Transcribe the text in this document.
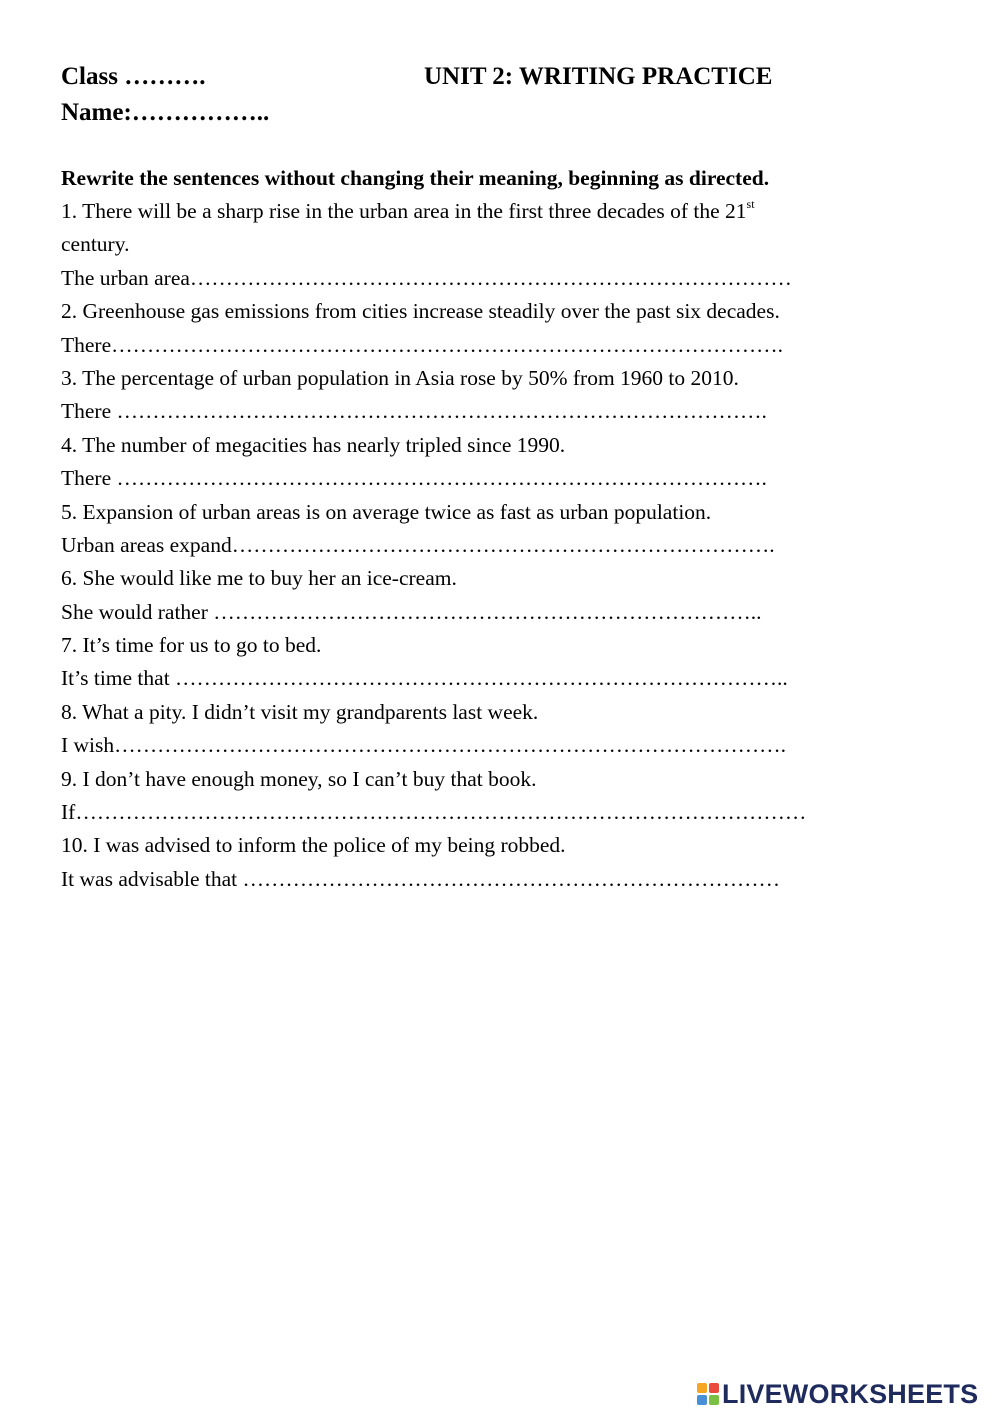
Class ……….	UNIT 2: WRITING PRACTICE
Name:……………..
Rewrite the sentences without changing their meaning, beginning as directed.
1. There will be a sharp rise in the urban area in the first three decades of the 21st
century.
The urban area…………………………………………………………………………
2. Greenhouse gas emissions from cities increase steadily over the past six decades.
There………………………………………………………………………………….
3. The percentage of urban population in Asia rose by 50% from 1960 to 2010.
There ……………………………………………………………………………….
4. The number of megacities has nearly tripled since 1990.
There ……………………………………………………………………………….
5. Expansion of urban areas is on average twice as fast as urban population.
Urban areas expand………………………………………………………………….
6. She would like me to buy her an ice-cream.
She would rather …………………………………………………………………..
7. It’s time for us to go to bed.
It’s time that …………………………………………………………………………..
8. What a pity. I didn’t visit my grandparents last week.
I wish………………………………………………………………………………….
9. I don’t have enough money, so I can’t buy that book.
If…………………………………………………………………………………………
10. I was advised to inform the police of my being robbed.
It was advisable that …………………………………………………………………
LIVEWORKSHEETS
